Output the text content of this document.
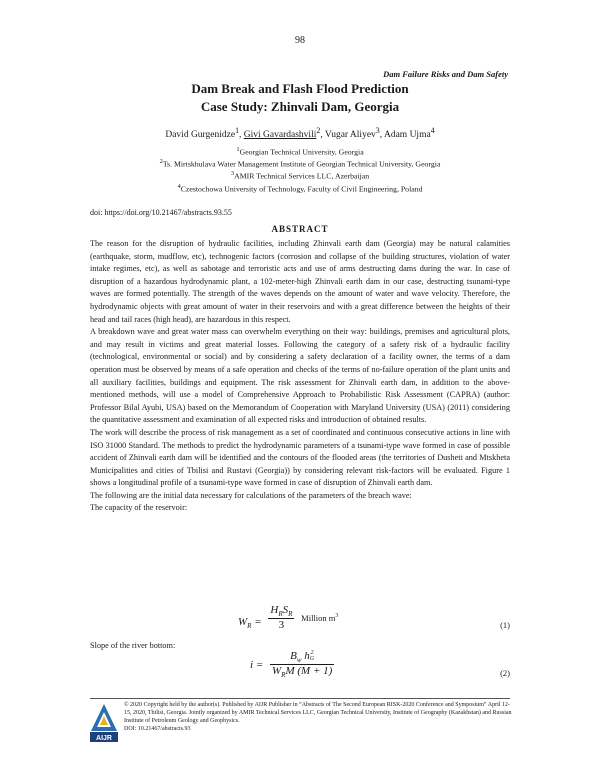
98
Dam Failure Risks and Dam Safety
Dam Break and Flash Flood Prediction
Case Study: Zhinvali Dam, Georgia
David Gurgenidze$^1$, Givi Gavardashvili$^2$, Vugar Aliyev$^3$, Adam Ujma$^4$
$^1$Georgian Technical University, Georgia
$^2$Ts. Mirtskhulava Water Management Institute of Georgian Technical University, Georgia
$^3$AMIR Technical Services LLC, Azerbaijan
$^4$Czestochowa University of Technology, Faculty of Civil Engineering, Poland
doi: https://doi.org/10.21467/abstracts.93.55
ABSTRACT

The reason for the disruption of hydraulic facilities, including Zhinvali earth dam (Georgia) may be natural calamities (earthquake, storm, mudflow, etc), technogenic factors (corrosion and collapse of the building structures, violation of water intake regimes, etc), as well as sabotage and terroristic acts and use of arms destructing dams during the war. In case of disruption of a hazardous hydrodynamic plant, a 102-meter-high Zhinvali earth dam in our case, destructing tsunami-type waves are formed potentially. The strength of the waves depends on the amount of water and wave velocity. Therefore, the hydrodynamic objects with great amount of water in their reservoirs and with a great difference between the heights of their head and tail races (high head), are hazardous in this respect.

A breakdown wave and great water mass can overwhelm everything on their way: buildings, premises and agricultural plots, and may result in victims and great material losses. Following the category of a safety risk of a hydraulic facility (technological, environmental or social) and by considering a safety declaration of a facility owner, the terms of a dam operation must be observed by means of a safe operation and checks of the terms of no-failure operation of the plant units and all auxiliary facilities, buildings and equipment. The risk assessment for Zhinvali earth dam, in addition to the above-mentioned methods, will use a model of Comprehensive Approach to Probabilistic Risk Assessment (CAPRA) (author: Professor Bilal Ayubi, USA) based on the Memorandum of Cooperation with Maryland University (USA) (2011) considering the quantitative assessment and examination of all expected risks and introduction of obtained results.

The work will describe the process of risk management as a set of coordinated and continuous consecutive actions in line with ISO 31000 Standard. The methods to predict the hydrodynamic parameters of a tsunami-type wave formed in case of possible accident of Zhinvali earth dam will be identified and the contours of the flooded areas (the territories of Dusheti and Mtskheta Municipalities and cities of Tbilisi and Rustavi (Georgia)) by considering relevant risk-factors will be evaluated. Figure 1 shows a longitudinal profile of a tsunami-type wave formed in case of disruption of Zhinvali earth dam.

The following are the initial data necessary for calculations of the parameters of the breach wave:

The capacity of the reservoir:

$W_R$ =
$H_RS_R$
3
Million $m^3$
(1)
Slope of the river bottom:
i =
$B_w$ h 2
G
$W_RM$ (M + 1)	(2)
AIJR
© 2020 Copyright held by the author(s). Published by AIJR Publisher in “Abstracts of The Second European RISK-2020 Conference and Symposium” April 12-15, 2020, Tbilisi, Georgia. Jointly organized by AMIR Technical Services LLC, Georgian Technical University, Institute of Geography (Kazakhstan) and Russian Institute of Petroleum Geology and Geophysics.
DOI: 10.21467/abstracts.93
